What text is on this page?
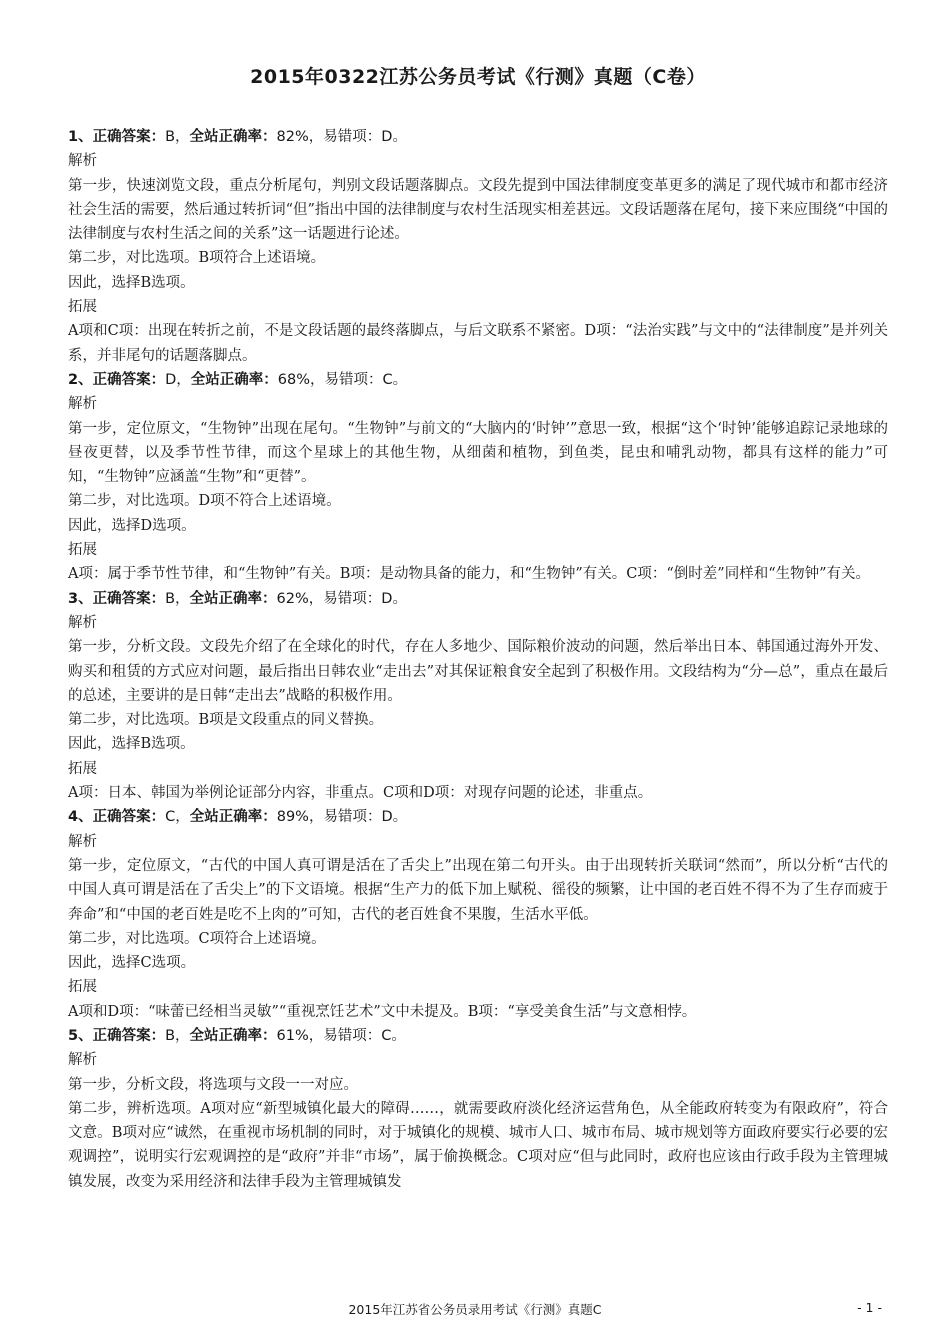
2015年0322江苏公务员考试《行测》真题（C卷）
1、正确答案：B，全站正确率：82%，易错项：D。
解析
第一步，快速浏览文段，重点分析尾句，判别文段话题落脚点。文段先提到中国法律制度变革更多的满足了现代城市和都市经济社会生活的需要，然后通过转折词“但”指出中国的法律制度与农村生活现实相差甚远。文段话题落在尾句，接下来应围绕“中国的法律制度与农村生活之间的关系”这一话题进行论述。
第二步，对比选项。B项符合上述语境。
因此，选择B选项。
拓展
A项和C项：出现在转折之前，不是文段话题的最终落脚点，与后文联系不紧密。D项：“法治实践”与文中的“法律制度”是并列关系，并非尾句的话题落脚点。
2、正确答案：D，全站正确率：68%，易错项：C。
解析
第一步，定位原文，“生物钟”出现在尾句。“生物钟”与前文的“大脑内的‘时钟’”意思一致，根据“这个‘时钟’能够追踪记录地球的昼夜更替，以及季节性节律，而这个星球上的其他生物，从细菌和植物，到鱼类，昆虫和哺乳动物，都具有这样的能力”可知，“生物钟”应涵盖“生物”和“更替”。
第二步，对比选项。D项不符合上述语境。
因此，选择D选项。
拓展
A项：属于季节性节律，和“生物钟”有关。B项：是动物具备的能力，和“生物钟”有关。C项：“倒时差”同样和“生物钟”有关。
3、正确答案：B，全站正确率：62%，易错项：D。
解析
第一步，分析文段。文段先介绍了在全球化的时代，存在人多地少、国际粮价波动的问题，然后举出日本、韩国通过海外开发、购买和租赁的方式应对问题，最后指出日韩农业“走出去”对其保证粮食安全起到了积极作用。文段结构为“分—总”，重点在最后的总述，主要讲的是日韩“走出去”战略的积极作用。
第二步，对比选项。B项是文段重点的同义替换。
因此，选择B选项。
拓展
A项：日本、韩国为举例论证部分内容，非重点。C项和D项：对现存问题的论述，非重点。
4、正确答案：C，全站正确率：89%，易错项：D。
解析
第一步，定位原文，“古代的中国人真可谓是活在了舌尖上”出现在第二句开头。由于出现转折关联词“然而”，所以分析“古代的中国人真可谓是活在了舌尖上”的下文语境。根据“生产力的低下加上赋税、徭役的频繁，让中国的老百姓不得不为了生存而疲于奔命”和“中国的老百姓是吃不上肉的”可知，古代的老百姓食不果腹，生活水平低。
第二步，对比选项。C项符合上述语境。
因此，选择C选项。
拓展
A项和D项：“味蕾已经相当灵敏”“重视烹饪艺术”文中未提及。B项：“享受美食生活”与文意相悖。
5、正确答案：B，全站正确率：61%，易错项：C。
解析
第一步，分析文段，将选项与文段一一对应。
第二步，辨析选项。A项对应“新型城镇化最大的障碍……，就需要政府淡化经济运营角色，从全能政府转变为有限政府”，符合文意。B项对应“诚然，在重视市场机制的同时，对于城镇化的规模、城市人口、城市布局、城市规划等方面政府要实行必要的宏观调控”，说明实行宏观调控的是“政府”并非“市场”，属于偷换概念。C项对应“但与此同时，政府也应该由行政手段为主管理城镇发展，改变为采用经济和法律手段为主管理城镇发
2015年江苏省公务员录用考试《行测》真题C	- 1 -
